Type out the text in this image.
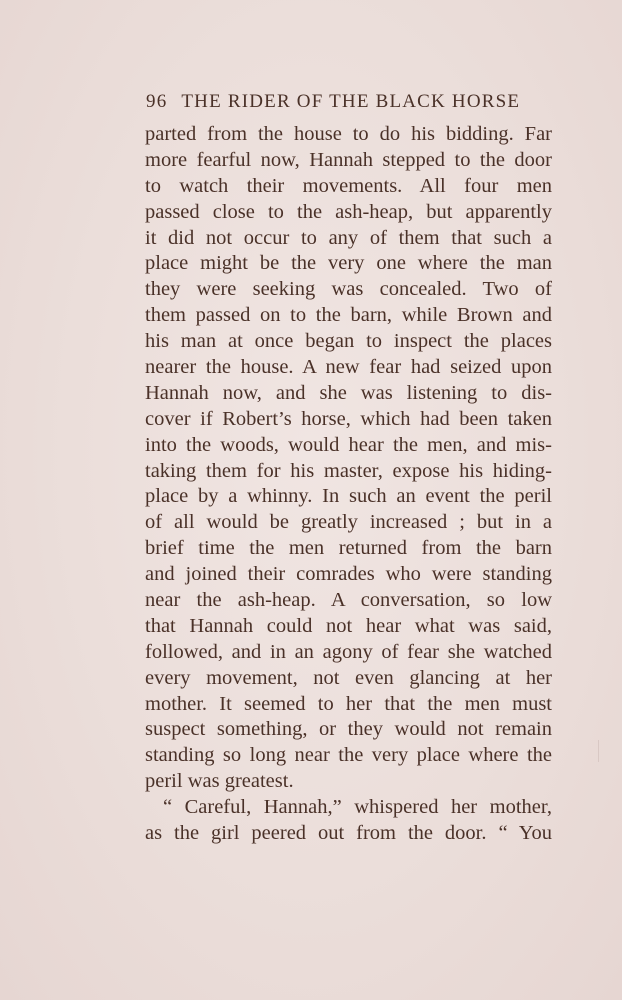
96 THE RIDER OF THE BLACK HORSE
parted from the house to do his bidding. Far
more fearful now, Hannah stepped to the door
to watch their movements. All four men
passed close to the ash-heap, but apparently
it did not occur to any of them that such a
place might be the very one where the man
they were seeking was concealed. Two of
them passed on to the barn, while Brown and
his man at once began to inspect the places
nearer the house. A new fear had seized upon
Hannah now, and she was listening to dis-
cover if Robert’s horse, which had been taken
into the woods, would hear the men, and mis-
taking them for his master, expose his hiding-
place by a whinny. In such an event the peril
of all would be greatly increased ; but in a
brief time the men returned from the barn
and joined their comrades who were standing
near the ash-heap. A conversation, so low
that Hannah could not hear what was said,
followed, and in an agony of fear she watched
every movement, not even glancing at her
mother. It seemed to her that the men must
suspect something, or they would not remain
standing so long near the very place where the
peril was greatest.
“ Careful, Hannah,” whispered her mother,
as the girl peered out from the door. “ You
